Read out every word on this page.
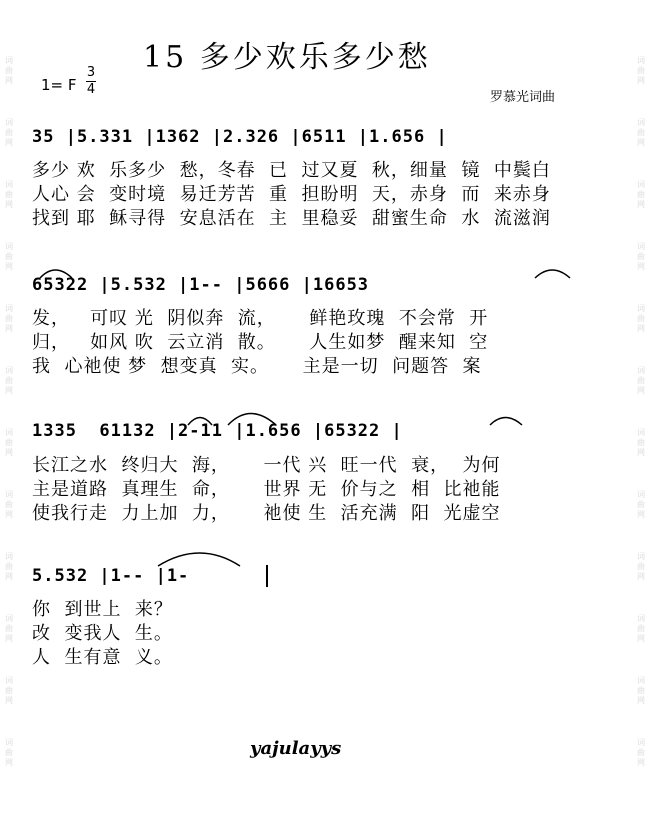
词曲网
词曲网
词曲网
词曲网
词曲网
词曲网
词曲网
词曲网
词曲网
词曲网
词曲网
词曲网
词曲网
词曲网
词曲网
词曲网
词曲网
词曲网
词曲网
词曲网
词曲网
词曲网
词曲网
词曲网
15 多少欢乐多少愁
1= F
3
4
罗慕光词曲
35 |5.331 |1362 |2.326 |6511 |1.656 |
多少 欢  乐多少  愁，冬春  已  过又夏  秋，细量  镜  中鬓白
人心 会  变时境  易迁芳苦  重  担盼明  天，赤身  而  来赤身
找到 耶  稣寻得  安息活在  主  里稳妥  甜蜜生命  水  流滋润
65322 |5.532 |1-- |5666 |16653
发，   可叹 光  阴似奔  流，     鲜艳玫瑰  不会常  开
归，   如风 吹  云立消  散。     人生如梦  醒来知  空
我  心祂使 梦  想变真  实。     主是一切  问题答  案
1335  61132 |2-11 |1.656 |65322 |
长江之水  终归大  海，     一代 兴  旺一代  衰，  为何
主是道路  真理生  命，     世界 无  价与之  相  比祂能
使我行走  力上加  力，     祂使 生  活充满  阳  光虚空
5.532 |1-- |1-
你  到世上  来？
改  变我人  生。
人  生有意  义。
yajulayys
